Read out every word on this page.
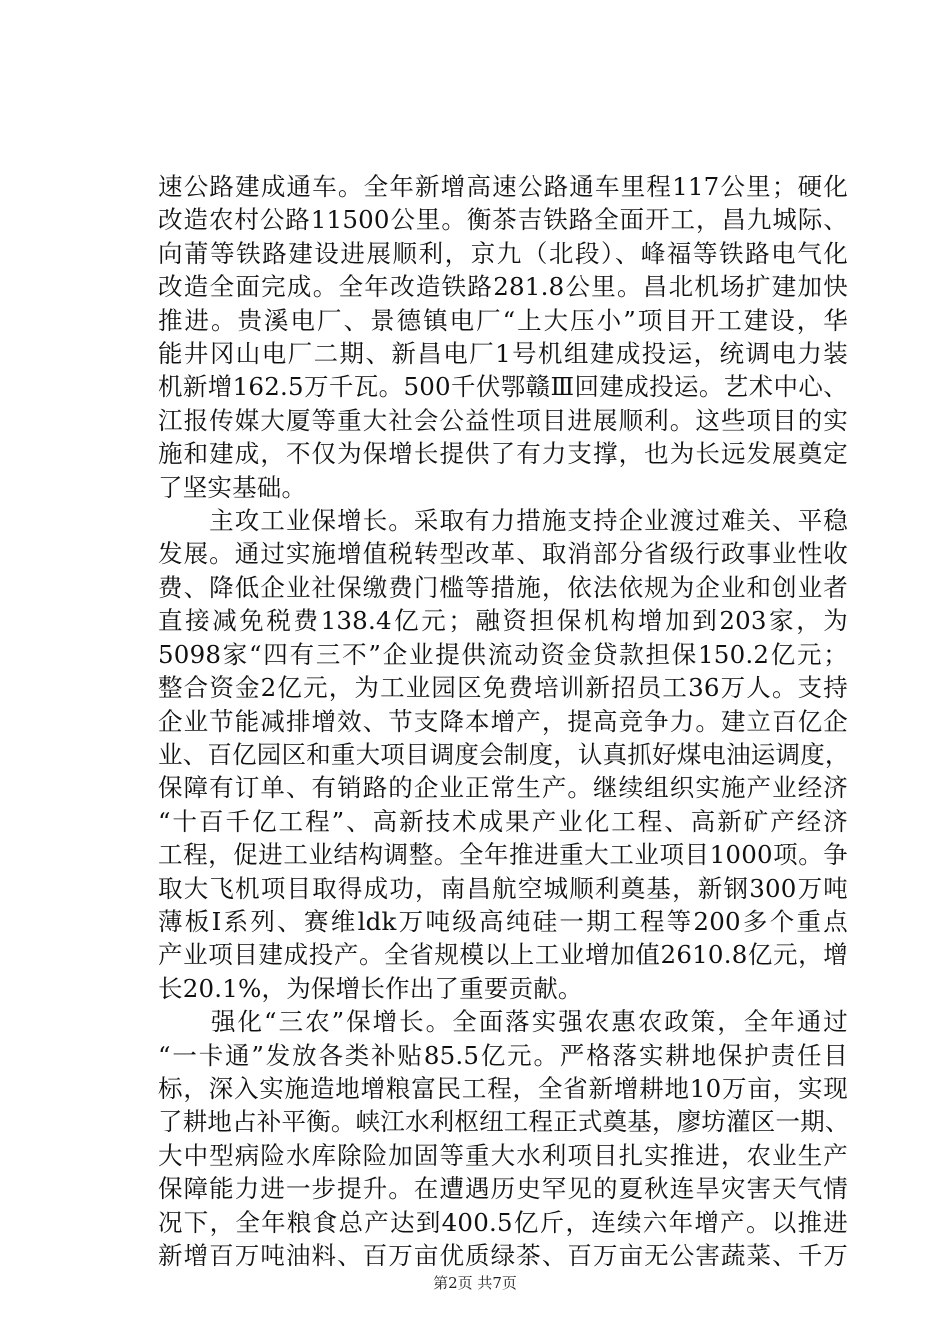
速公路建成通车。全年新增高速公路通车里程117公里；硬化
改造农村公路11500公里。衡茶吉铁路全面开工，昌九城际、
向莆等铁路建设进展顺利，京九（北段）、峰福等铁路电气化
改造全面完成。全年改造铁路281.8公里。昌北机场扩建加快
推进。贵溪电厂、景德镇电厂“上大压小”项目开工建设，华
能井冈山电厂二期、新昌电厂1号机组建成投运，统调电力装
机新增162.5万千瓦。500千伏鄂赣Ⅲ回建成投运。艺术中心、
江报传媒大厦等重大社会公益性项目进展顺利。这些项目的实
施和建成，不仅为保增长提供了有力支撑，也为长远发展奠定
了坚实基础。
　　主攻工业保增长。采取有力措施支持企业渡过难关、平稳
发展。通过实施增值税转型改革、取消部分省级行政事业性收
费、降低企业社保缴费门槛等措施，依法依规为企业和创业者
直接减免税费138.4亿元；融资担保机构增加到203家，为
5098家“四有三不”企业提供流动资金贷款担保150.2亿元；
整合资金2亿元，为工业园区免费培训新招员工36万人。支持
企业节能减排增效、节支降本增产，提高竞争力。建立百亿企
业、百亿园区和重大项目调度会制度，认真抓好煤电油运调度，
保障有订单、有销路的企业正常生产。继续组织实施产业经济
“十百千亿工程”、高新技术成果产业化工程、高新矿产经济
工程，促进工业结构调整。全年推进重大工业项目1000项。争
取大飞机项目取得成功，南昌航空城顺利奠基，新钢300万吨
薄板Ⅰ系列、赛维ldk万吨级高纯硅一期工程等200多个重点
产业项目建成投产。全省规模以上工业增加值2610.8亿元，增
长20.1%，为保增长作出了重要贡献。
　　强化“三农”保增长。全面落实强农惠农政策，全年通过
“一卡通”发放各类补贴85.5亿元。严格落实耕地保护责任目
标，深入实施造地增粮富民工程，全省新增耕地10万亩，实现
了耕地占补平衡。峡江水利枢纽工程正式奠基，廖坊灌区一期、
大中型病险水库除险加固等重大水利项目扎实推进，农业生产
保障能力进一步提升。在遭遇历史罕见的夏秋连旱灾害天气情
况下，全年粮食总产达到400.5亿斤，连续六年增产。以推进
新增百万吨油料、百万亩优质绿茶、百万亩无公害蔬菜、千万
第2页 共7页
